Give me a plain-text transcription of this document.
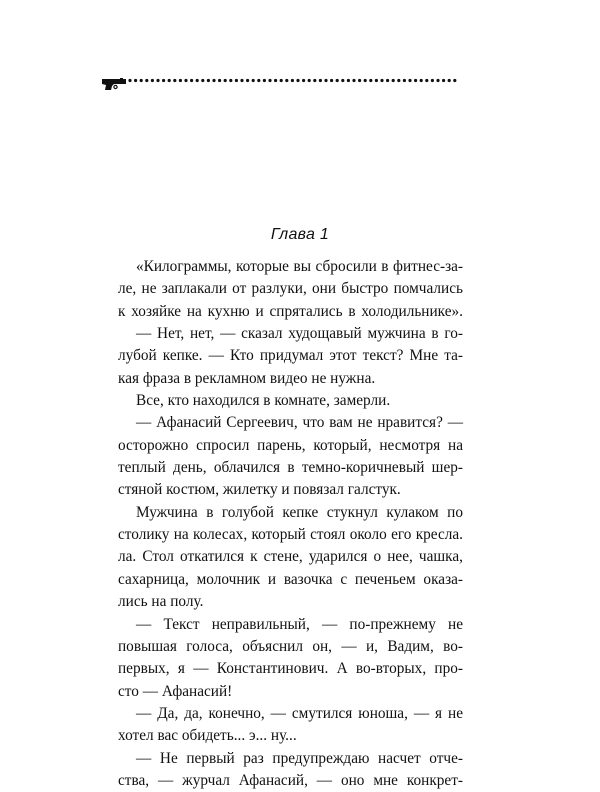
Глава 1
«Килограммы, которые вы сбросили в фитнес-за-
ле, не заплакали от разлуки, они быстро помчались
к хозяйке на кухню и спрятались в холодильнике».
— Нет, нет, — сказал худощавый мужчина в го-
лубой кепке. — Кто придумал этот текст? Мне та-
кая фраза в рекламном видео не нужна.
Все, кто находился в комнате, замерли.
— Афанасий Сергеевич, что вам не нравится? —
осторожно спросил парень, который, несмотря на
теплый день, облачился в темно-коричневый шер-
стяной костюм, жилетку и повязал галстук.
Мужчина в голубой кепке стукнул кулаком по
столику на колесах, который стоял около его кресла.
ла. Стол откатился к стене, ударился о нее, чашка,
сахарница, молочник и вазочка с печеньем оказа-
лись на полу.
— Текст неправильный, — по-прежнему не
повышая голоса, объяснил он, — и, Вадим, во-
первых, я — Константинович. А во-вторых, про-
сто — Афанасий!
— Да, да, конечно, — смутился юноша, — я не
хотел вас обидеть... э... ну...
— Не первый раз предупреждаю насчет отче-
ства, — журчал Афанасий, — оно мне конкрет-
